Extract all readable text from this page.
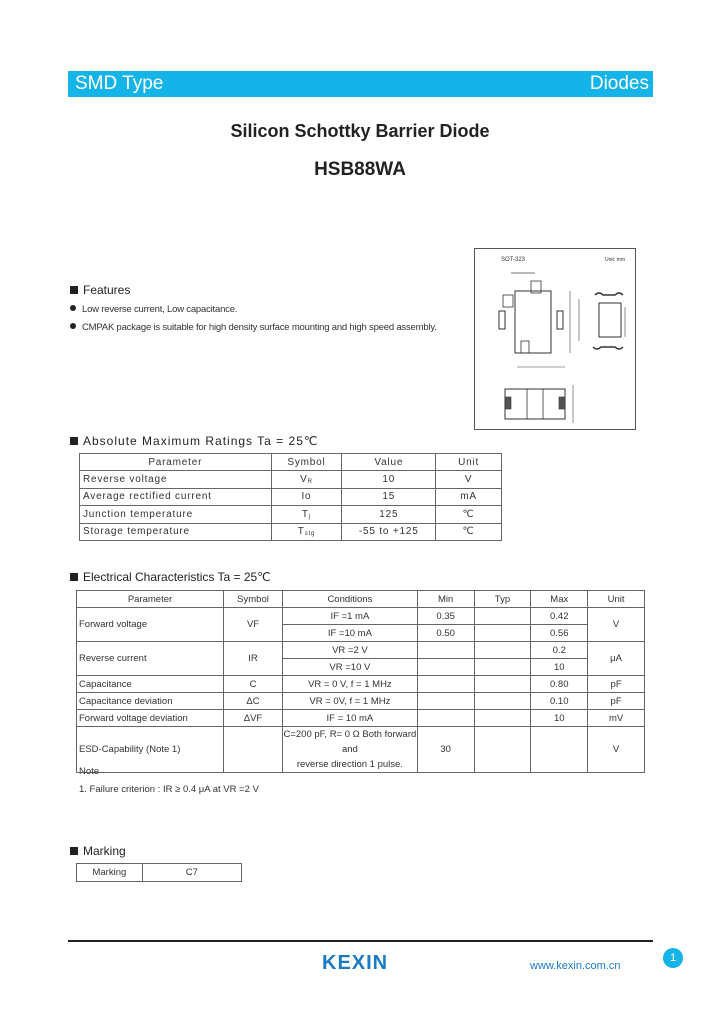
SMD Type	Diodes
Silicon Schottky Barrier Diode
HSB88WA
SOT-323	Unit: mm
Features
Low reverse current, Low capacitance.
CMPAK package is suitable for high density surface mounting and high speed assembly.
Absolute Maximum Ratings Ta = 25℃
Parameter	Symbol	Value	Unit
Reverse voltage	$V_R$	10	V
Average rectified current	Io	15	mA
Junction temperature	$T_j$	125	℃
Storage temperature	$T_{stg}$	-55 to +125	℃
Electrical Characteristics Ta = 25℃
Parameter	Symbol	Conditions	Min	Typ	Max	Unit
Forward voltage	VF	IF =1 mA	0.35		0.42	V
		IF =10 mA	0.50		0.56	
Reverse current	IR	VR =2 V			0.2	μA
		VR =10 V			10	
Capacitance	C	VR = 0 V, f = 1 MHz			0.80	pF
Capacitance deviation	ΔC	VR = 0V, f = 1 MHz			0.10	pF
Forward voltage deviation	ΔVF	IF = 10 mA			10	mV
ESD-Capability (Note 1)		C=200 pF, R= 0 Ω Both forward and
reverse direction 1 pulse.	30			V
Note
1. Failure criterion : IR ≥ 0.4 μA at VR =2 V
Marking
Marking	C7
KEXIN	www.kexin.com.cn
1
